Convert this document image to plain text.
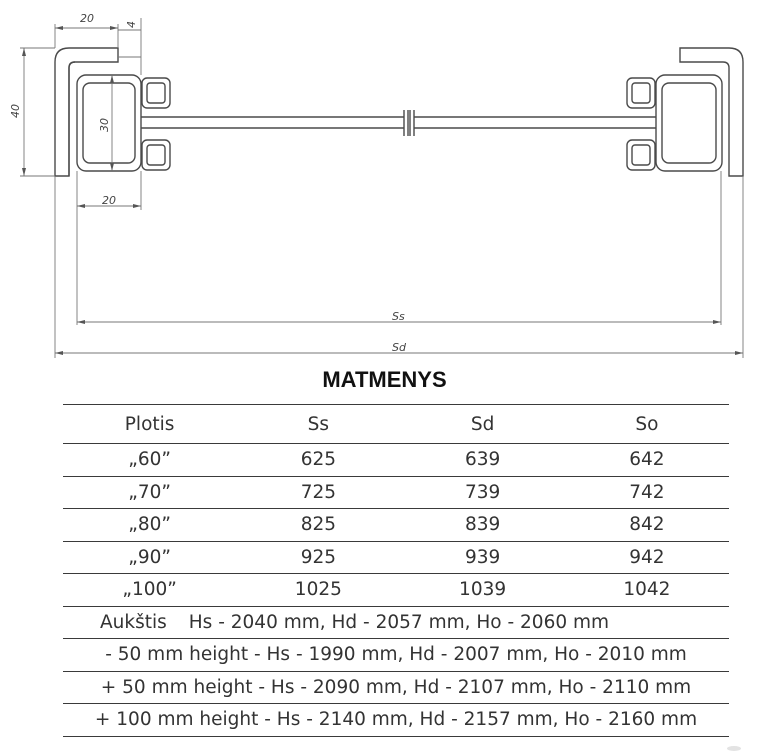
20	4
40
30
20
Ss
Sd
MATMENYS
Plotis	Ss	Sd	So
„60”	625	639	642
„70”	725	739	742
„80”	825	839	842
„90”	925	939	942
„100”	1025	1039	1042
Aukštis Hs - 2040 mm, Hd - 2057 mm, Ho - 2060 mm			
- 50 mm height - Hs - 1990 mm, Hd - 2007 mm, Ho - 2010 mm			
+ 50 mm height - Hs - 2090 mm, Hd - 2107 mm, Ho - 2110 mm			
+ 100 mm height - Hs - 2140 mm, Hd - 2157 mm, Ho - 2160 mm			
